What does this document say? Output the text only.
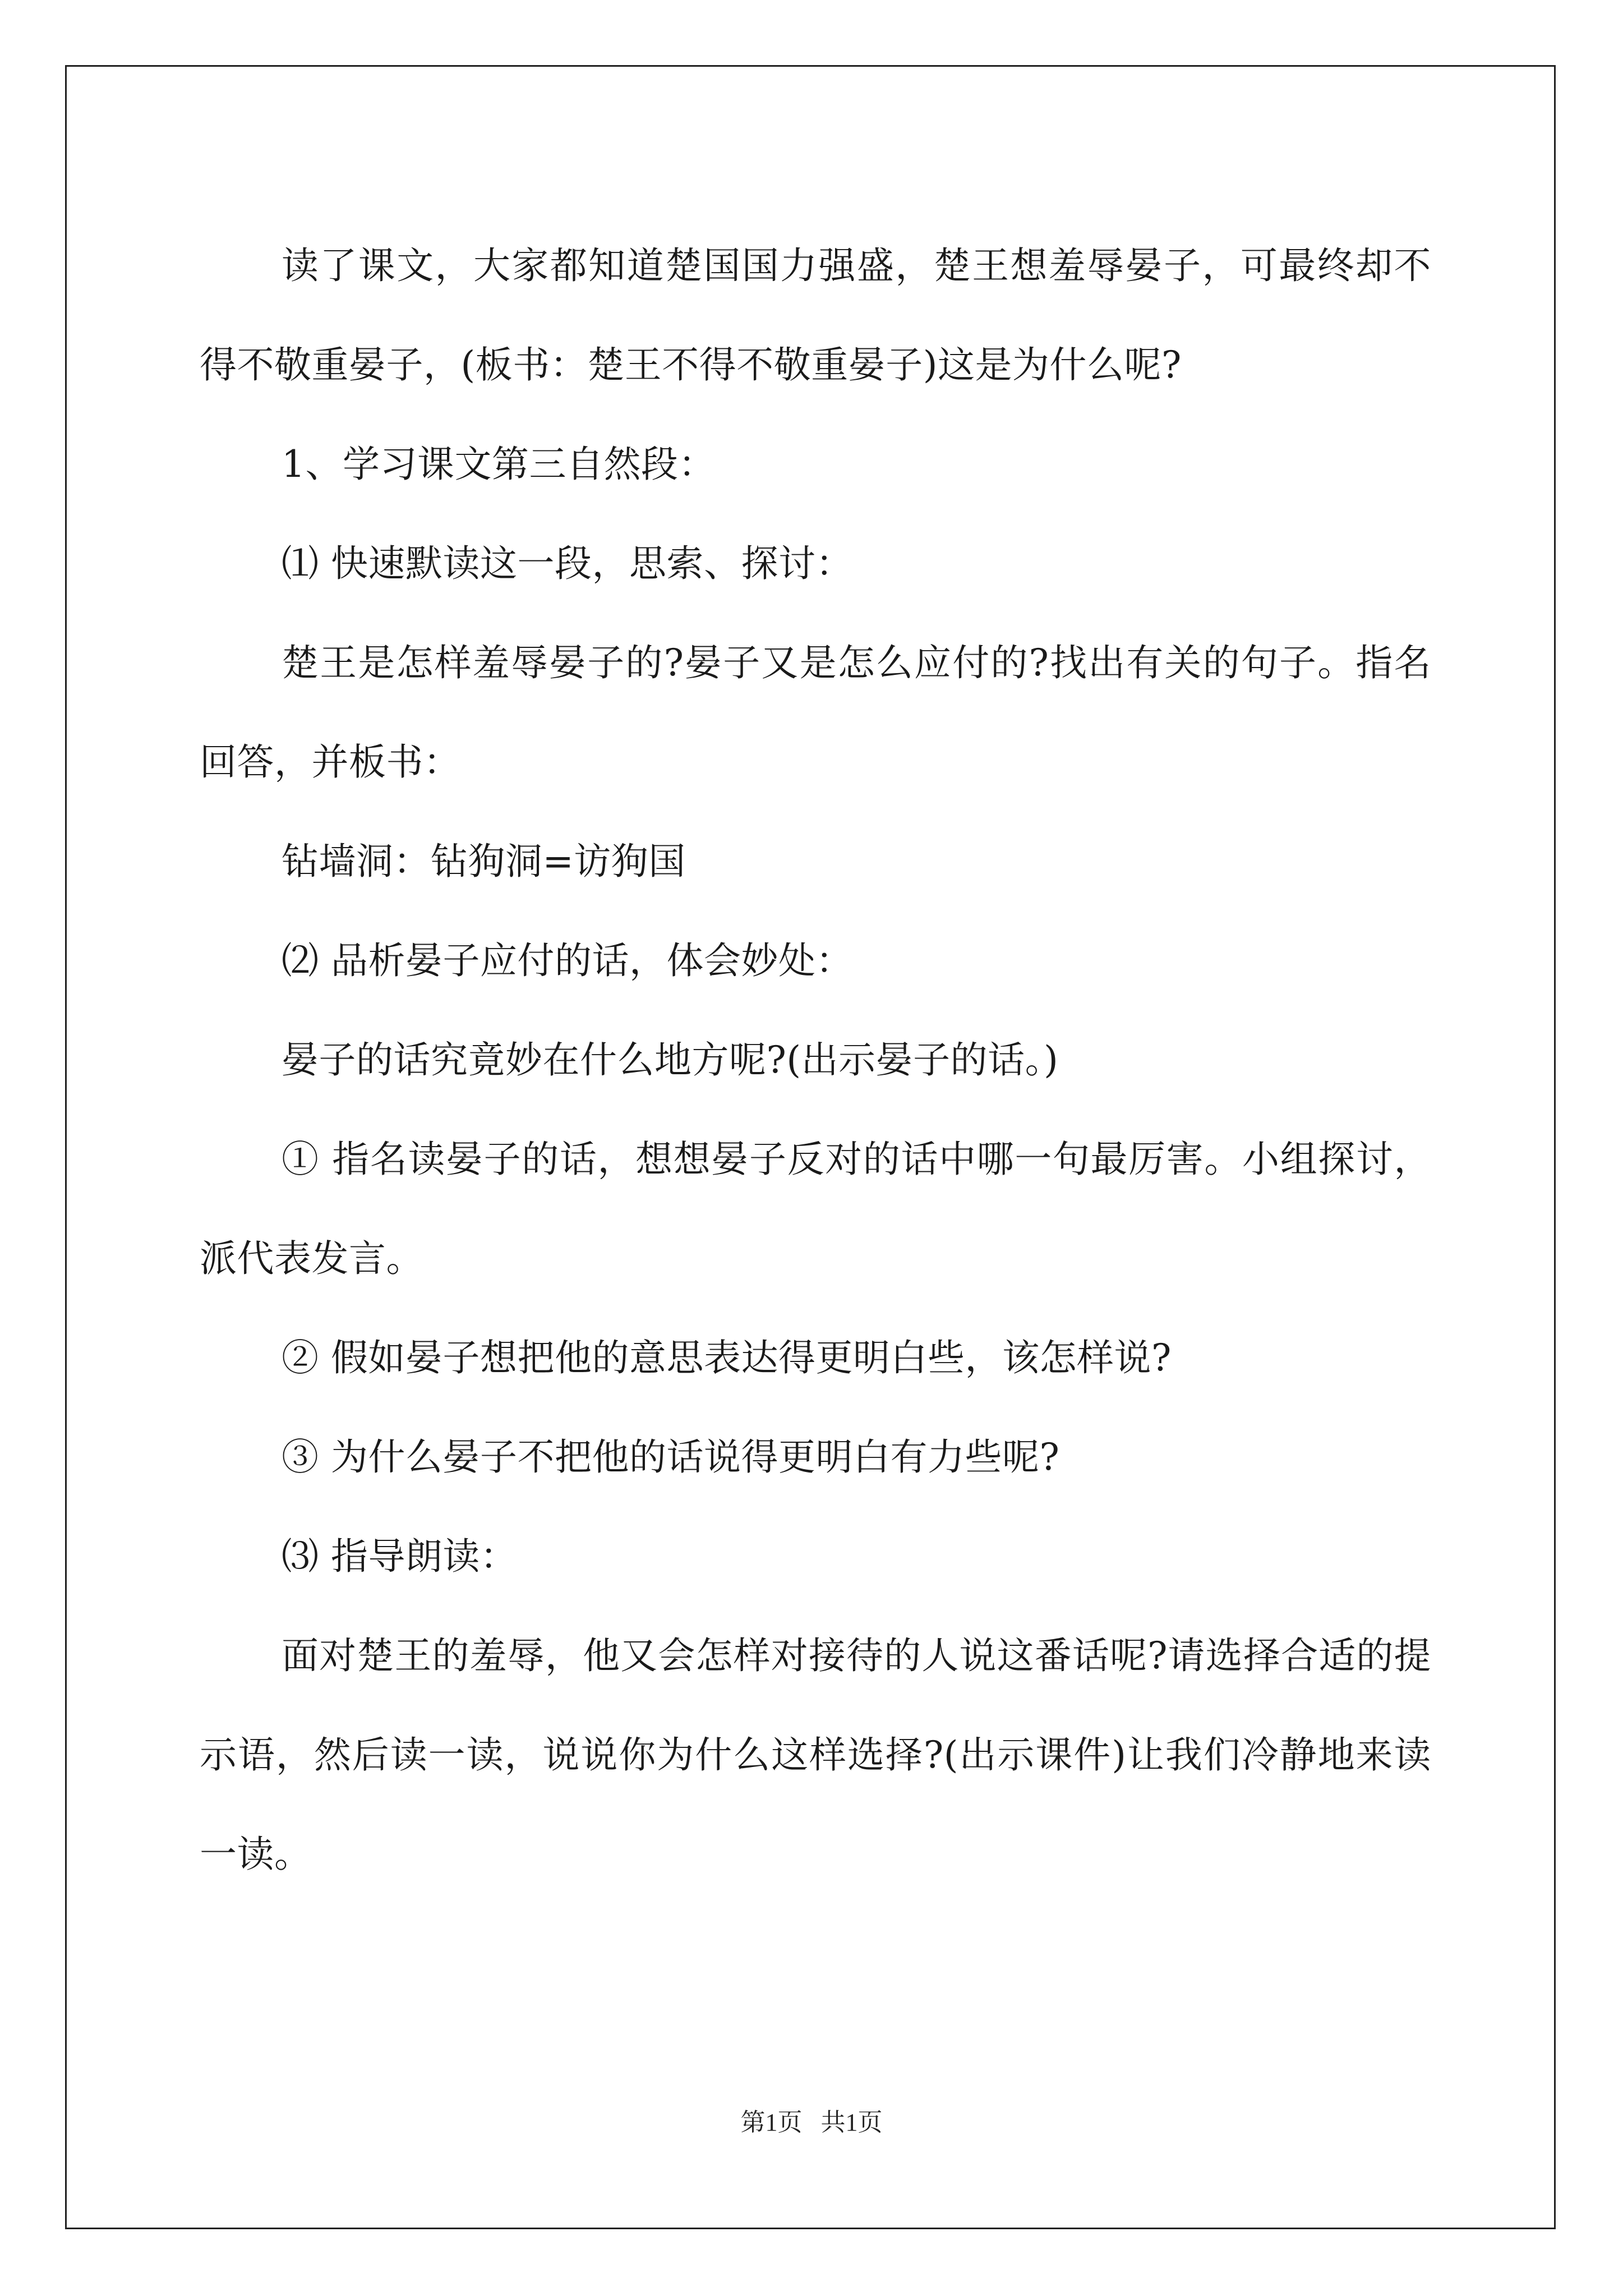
读了课文，大家都知道楚国国力强盛，楚王想羞辱晏子，可最终却不得不敬重晏子，(板书：楚王不得不敬重晏子)这是为什么呢?

1、学习课文第三自然段：

⑴ 快速默读这一段，思索、探讨：

楚王是怎样羞辱晏子的?晏子又是怎么应付的?找出有关的句子。指名回答，并板书：

钻墙洞：钻狗洞=访狗国

⑵ 品析晏子应付的话，体会妙处：

晏子的话究竟妙在什么地方呢?(出示晏子的话。)

① 指名读晏子的话，想想晏子反对的话中哪一句最厉害。小组探讨，派代表发言。

② 假如晏子想把他的意思表达得更明白些，该怎样说?

③ 为什么晏子不把他的话说得更明白有力些呢?

⑶ 指导朗读：

面对楚王的羞辱，他又会怎样对接待的人说这番话呢?请选择合适的提示语，然后读一读，说说你为什么这样选择?(出示课件)让我们冷静地来读一读。

第1页   共1页
